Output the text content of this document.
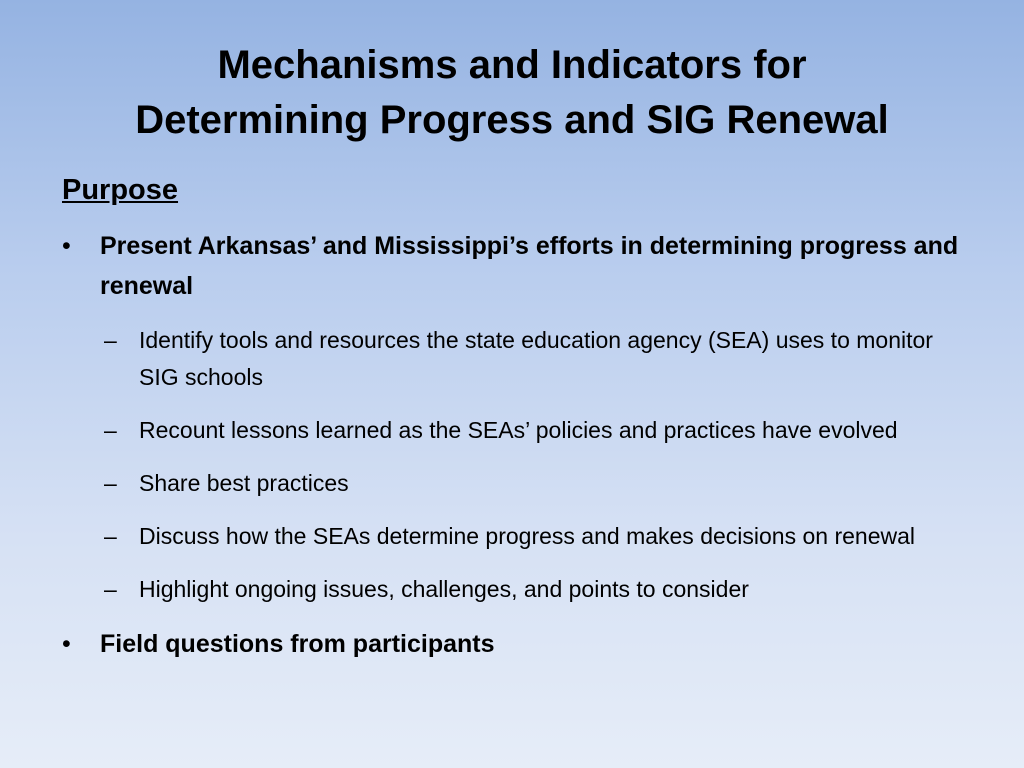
Mechanisms and Indicators for
Determining Progress and SIG Renewal
Purpose
•	Present Arkansas’ and Mississippi’s efforts in determining progress and renewal
– Identify tools and resources the state education agency (SEA) uses to monitor SIG schools
– Recount lessons learned as the SEAs’ policies and practices have evolved
– Share best practices
– Discuss how the SEAs determine progress and makes decisions on renewal
– Highlight ongoing issues, challenges, and points to consider
•	Field questions from participants
